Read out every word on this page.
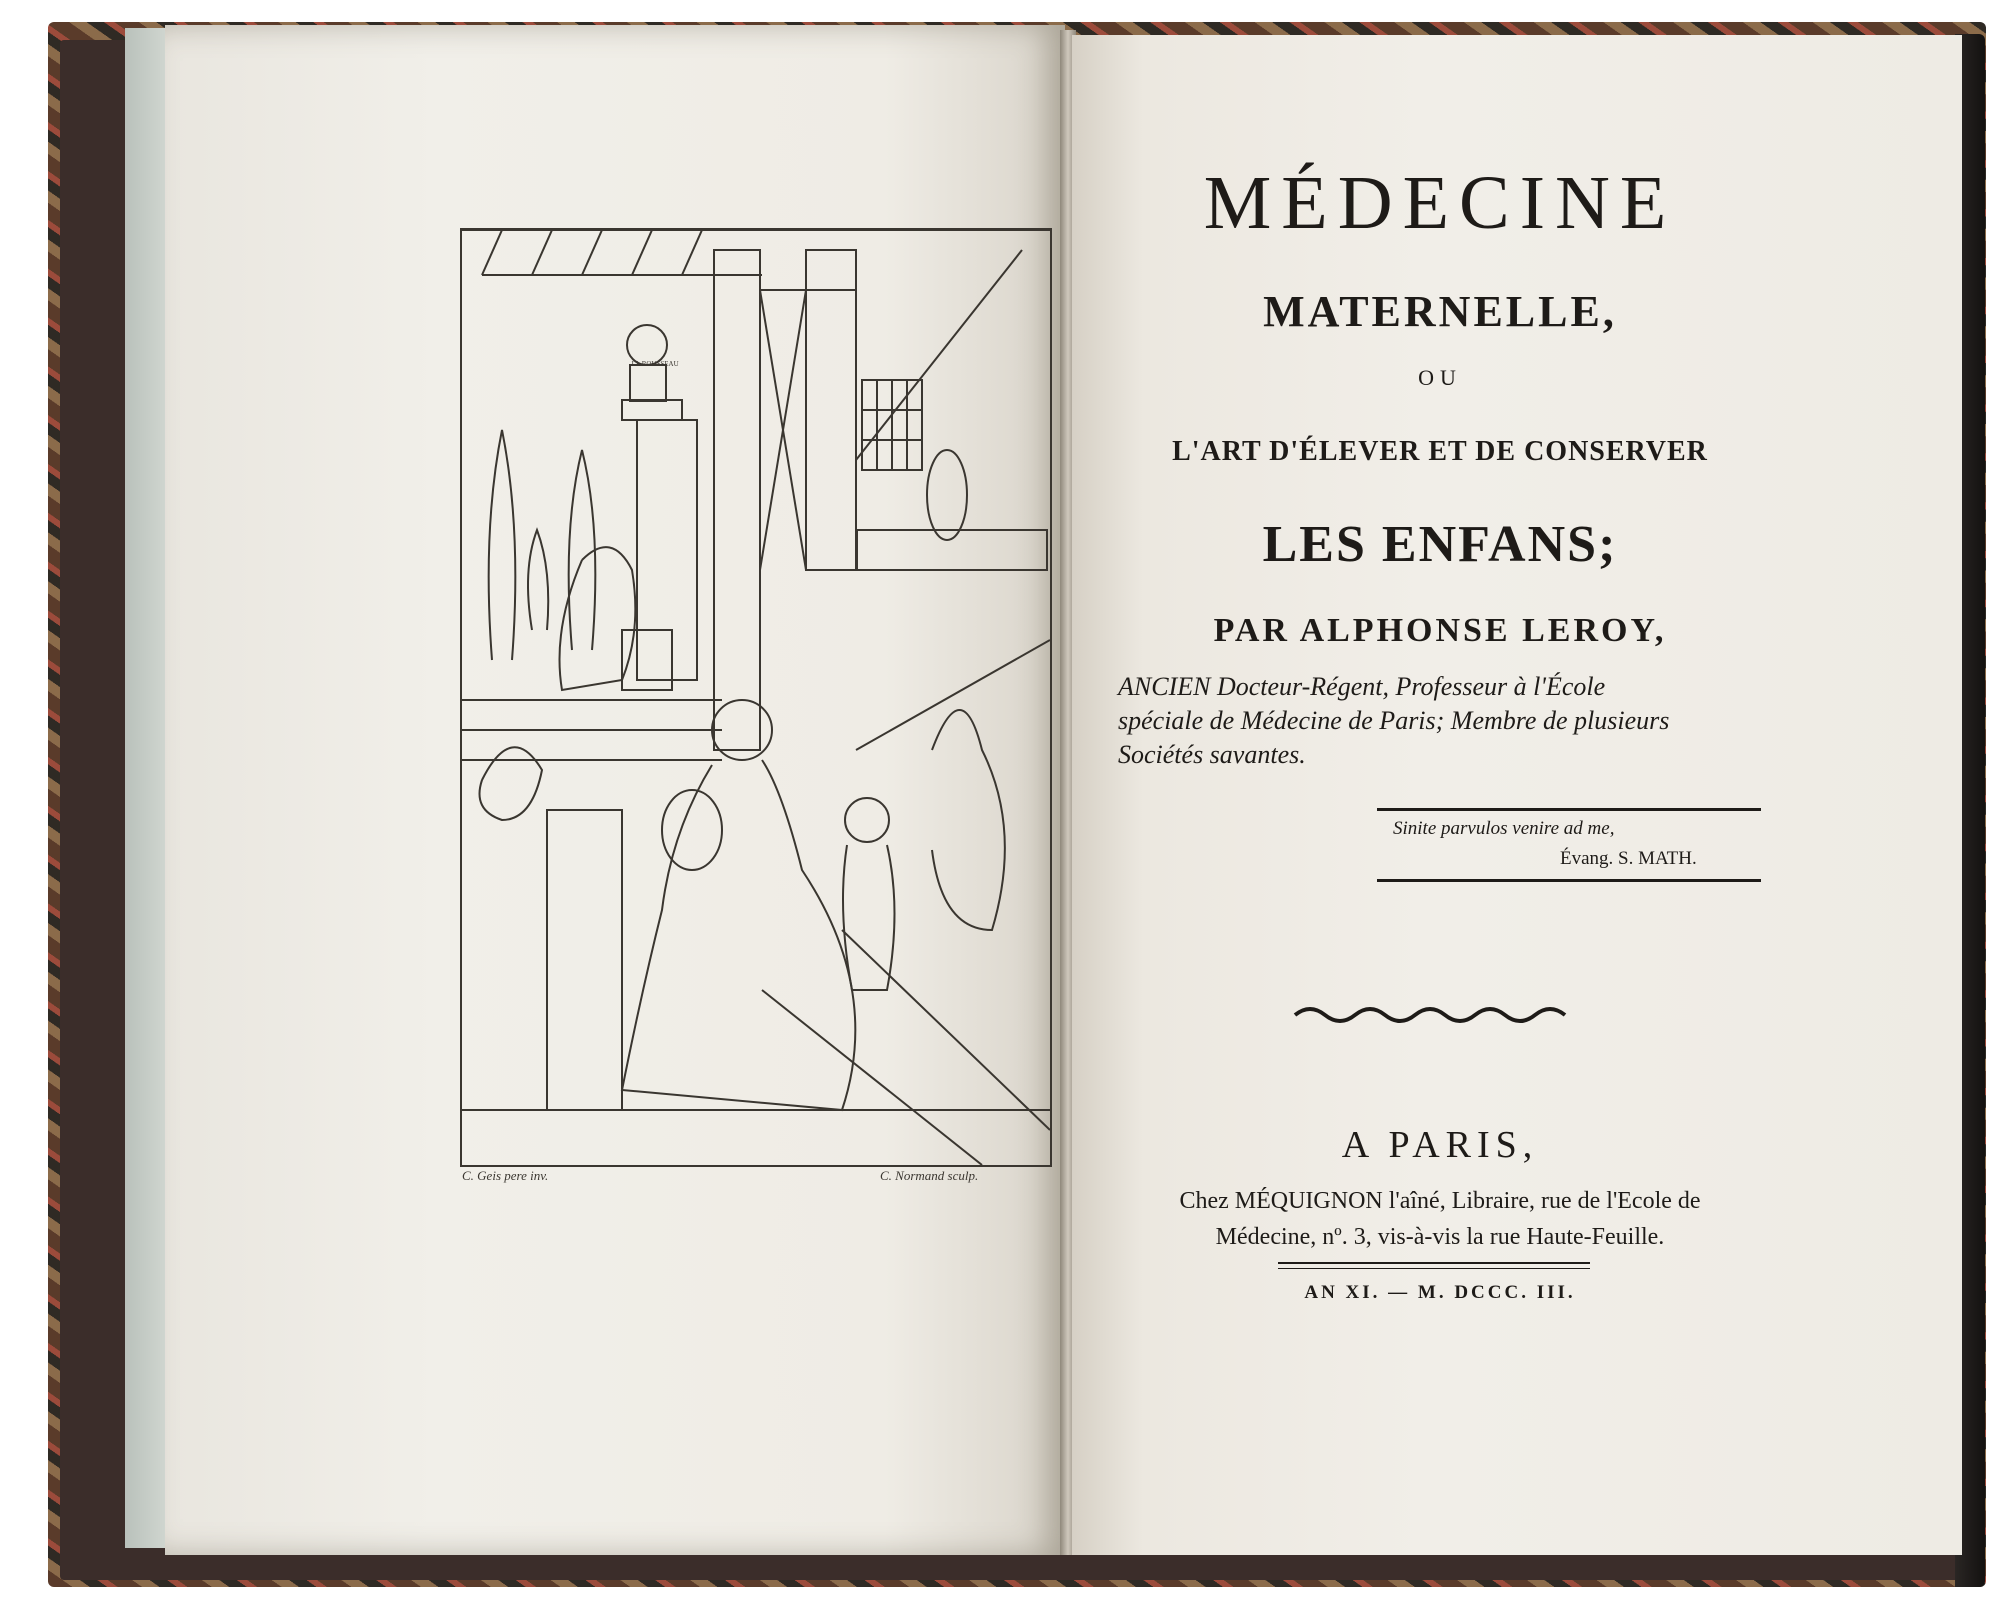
J.J. ROUSSEAU
C. Geis pere inv.	C. Normand sculp.
MÉDECINE
MATERNELLE,
OU
L'ART D'ÉLEVER ET DE CONSERVER
LES ENFANS;
PAR ALPHONSE LEROY,
ANCIEN Docteur-Régent, Professeur à l'École
spéciale de Médecine de Paris; Membre de plusieurs
Sociétés savantes.
Sinite parvulos venire ad me,
Évang. S. MATH.
A PARIS,
Chez MÉQUIGNON l'aîné, Libraire, rue de l'Ecole de
Médecine, nº. 3, vis-à-vis la rue Haute-Feuille.
AN XI. — M. DCCC. III.
